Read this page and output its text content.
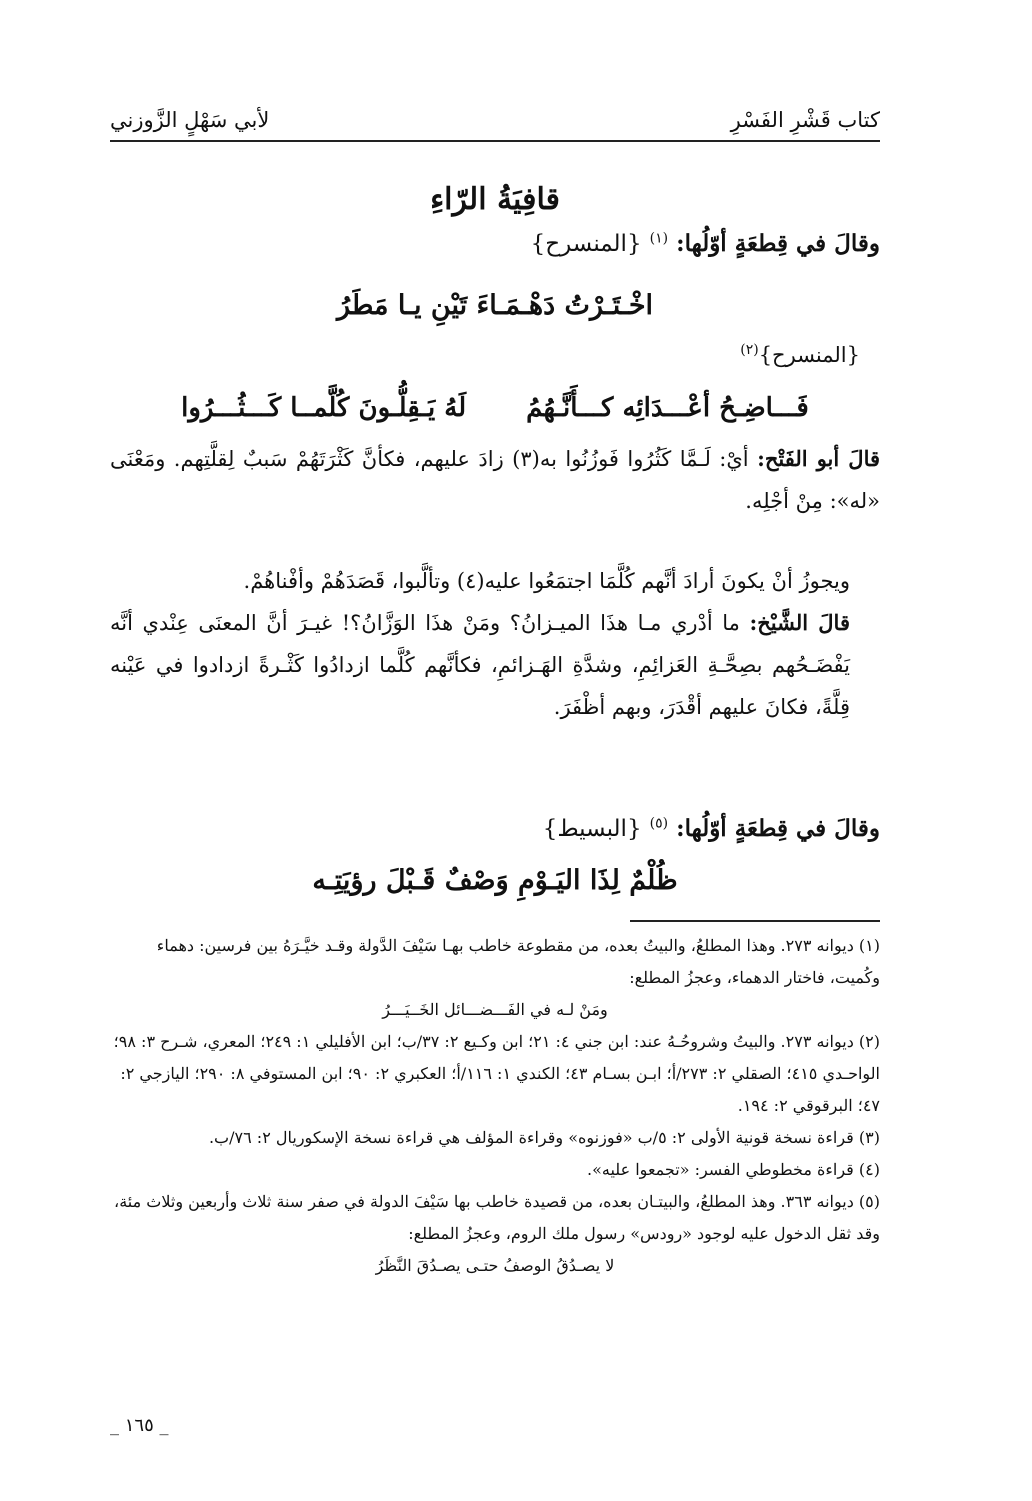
كتاب قَشْرِ الفَسْرِ
لأبي سَهْلٍ الزَّوزني
قافِيَةُ الرّاءِ
وقالَ في قِطعَةٍ أوّلُها: $^{(١)}$ {المنسرح}
اخْـتَـرْتُ دَهْـمَـاءَ تَيْنِ يـا مَطَرُ
{المنسرح}$^{(٢)}$
فَـــاضِـحُ أعْـــدَائِه كـــأَنَّـهُمُ
لَهُ يَـقِلُّـونَ كُلَّمــا كَـــثُـــرُوا
قالَ أبو الفَتْح: أيْ: لَـمَّا كَثُرُوا فَوزُنُوا به(٣) زادَ عليهم، فكأنَّ كَثْرَتَهُمْ سَببٌ لِقلَّتِهم. ومَعْنَى «له»: مِنْ أجْلِه.
ويجوزُ أنْ يكونَ أرادَ أنَّهم كُلَّمَا اجتمَعُوا عليه(٤) وتألَّبوا، قَصَدَهُمْ وأفْناهُمْ.
قالَ الشَّيْخ: ما أدْري مـا هذَا الميـزانُ؟ ومَنْ هذَا الوَزَّانُ؟! غيـرَ أنَّ المعنَى عِنْدي أنَّه يَفْضَـحُهم بصِحَّـةِ العَزائِمِ، وشدَّةِ الهَـزائمِ، فكأنَّهم كُلَّما ازدادُوا كَثْـرةً ازدادوا في عَيْنه قِلَّةً، فكانَ عليهم أقْدَرَ، وبهم أظْفَرَ.
وقالَ في قِطعَةٍ أوّلُها: $^{(٥)}$ {البسيط}
ظُلْمٌ لِذَا اليَـوْمِ وَصْفٌ قَـبْلَ رؤيَتِـه

(١) ديوانه ٢٧٣. وهذا المطلعُ، والبيتُ بعده، من مقطوعة خاطب بهـا سَيْفَ الدَّولة وقـد خيَّـرَهُ بين فرسين: دهماء وكُميت، فاختار الدهماء، وعجزُ المطلع:

ومَنْ لـه في الفَـــضـــائل الخَــيَـــرُ

(٢) ديوانه ٢٧٣. والبيتُ وشروحُـهُ عند: ابن جني ٤: ٢١؛ ابن وكـيع ٢: ٣٧/ب؛ ابن الأفليلي ١: ٢٤٩؛ المعري، شـرح ٣: ٩٨؛ الواحـدي ٤١٥؛ الصقلي ٢: ٢٧٣/أ؛ ابـن بسـام ٤٣؛ الكندي ١: ١١٦/أ؛ العكبري ٢: ٩٠؛ ابن المستوفي ٨: ٢٩٠؛ اليازجي ٢: ٤٧؛ البرقوقي ٢: ١٩٤.

(٣) قراءة نسخة قونية الأولى ٢: ٥/ب «فوزنوه» وقراءة المؤلف هي قراءة نسخة الإسكوريال ٢: ٧٦/ب.

(٤) قراءة مخطوطي الفسر: «تجمعوا عليه».

(٥) ديوانه ٣٦٣. وهذ المطلعُ، والبيتـان بعده، من قصيدة خاطب بها سَيْفَ الدولة في صفر سنة ثلاث وأربعين وثلاث مئة، وقد ثقل الدخول عليه لوجود «رودس» رسول ملك الروم، وعجزُ المطلع:

لا يصـدُقُ الوصفُ حتـى يصـدُقَ النَّظَرُ

_ ١٦٥ _
